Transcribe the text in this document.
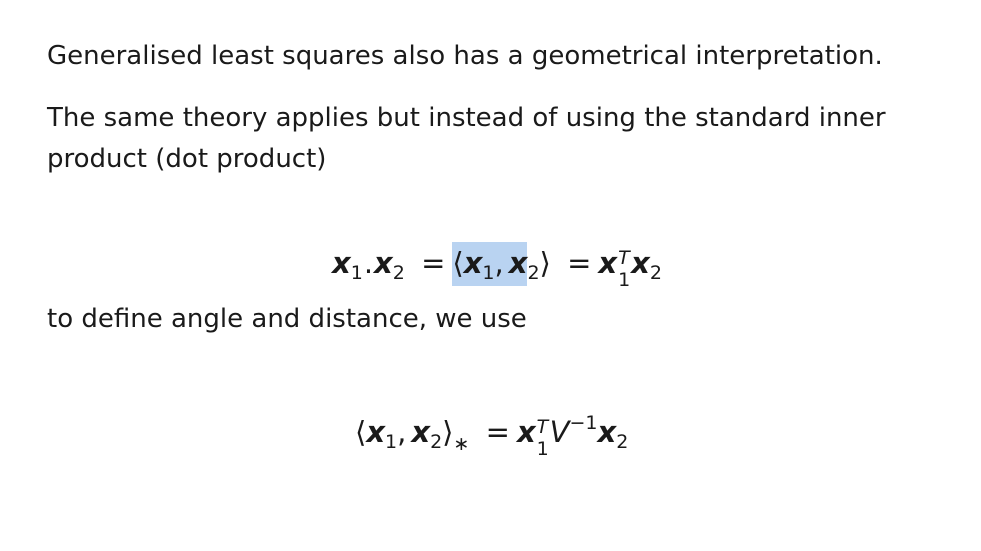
Generalised least squares also has a geometrical interpretation.

The same theory applies but instead of using the standard inner
product (dot product)

$x_1.x_2$ = $⟨x_1$, $x_2⟩ = x$ T
1 $x_2$

to define angle and distance, we use

$⟨x_1$, $x_2⟩_∗ = x$ T
1 $V^{-1}x_2$
